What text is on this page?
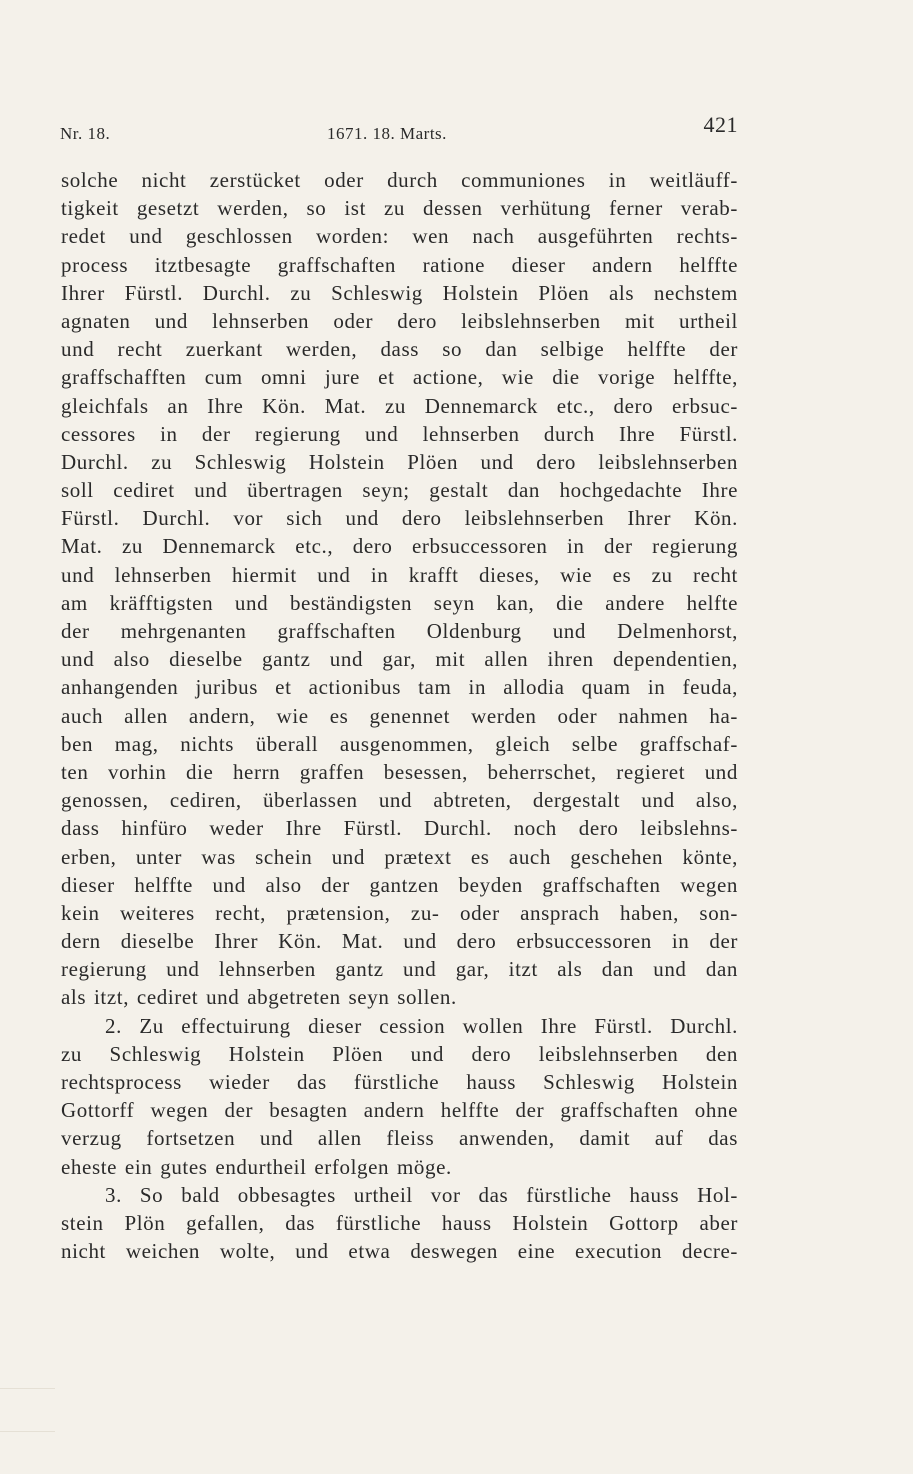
Nr. 18.	1671. 18. Marts.	421
solche nicht zerstücket oder durch communiones in weitläuff-
tigkeit gesetzt werden, so ist zu dessen verhütung ferner verab-
redet und geschlossen worden: wen nach ausgeführten rechts-
process itztbesagte graffschaften ratione dieser andern helffte
Ihrer Fürstl. Durchl. zu Schleswig Holstein Plöen als nechstem
agnaten und lehnserben oder dero leibslehnserben mit urtheil
und recht zuerkant werden, dass so dan selbige helffte der
graffschafften cum omni jure et actione, wie die vorige helffte,
gleichfals an Ihre Kön. Mat. zu Dennemarck etc., dero erbsuc-
cessores in der regierung und lehnserben durch Ihre Fürstl.
Durchl. zu Schleswig Holstein Plöen und dero leibslehnserben
soll cediret und übertragen seyn; gestalt dan hochgedachte Ihre
Fürstl. Durchl. vor sich und dero leibslehnserben Ihrer Kön.
Mat. zu Dennemarck etc., dero erbsuccessoren in der regierung
und lehnserben hiermit und in krafft dieses, wie es zu recht
am kräfftigsten und beständigsten seyn kan, die andere helfte
der mehrgenanten graffschaften Oldenburg und Delmenhorst,
und also dieselbe gantz und gar, mit allen ihren dependentien,
anhangenden juribus et actionibus tam in allodia quam in feuda,
auch allen andern, wie es genennet werden oder nahmen ha-
ben mag, nichts überall ausgenommen, gleich selbe graffschaf-
ten vorhin die herrn graffen besessen, beherrschet, regieret und
genossen, cediren, überlassen und abtreten, dergestalt und also,
dass hinfüro weder Ihre Fürstl. Durchl. noch dero leibslehns-
erben, unter was schein und prætext es auch geschehen könte,
dieser helffte und also der gantzen beyden graffschaften wegen
kein weiteres recht, prætension, zu- oder ansprach haben, son-
dern dieselbe Ihrer Kön. Mat. und dero erbsuccessoren in der
regierung und lehnserben gantz und gar, itzt als dan und dan
als itzt, cediret und abgetreten seyn sollen.
2. Zu effectuirung dieser cession wollen Ihre Fürstl. Durchl.
zu Schleswig Holstein Plöen und dero leibslehnserben den
rechtsprocess wieder das fürstliche hauss Schleswig Holstein
Gottorff wegen der besagten andern helffte der graffschaften ohne
verzug fortsetzen und allen fleiss anwenden, damit auf das
eheste ein gutes endurtheil erfolgen möge.
3. So bald obbesagtes urtheil vor das fürstliche hauss Hol-
stein Plön gefallen, das fürstliche hauss Holstein Gottorp aber
nicht weichen wolte, und etwa deswegen eine execution decre-
